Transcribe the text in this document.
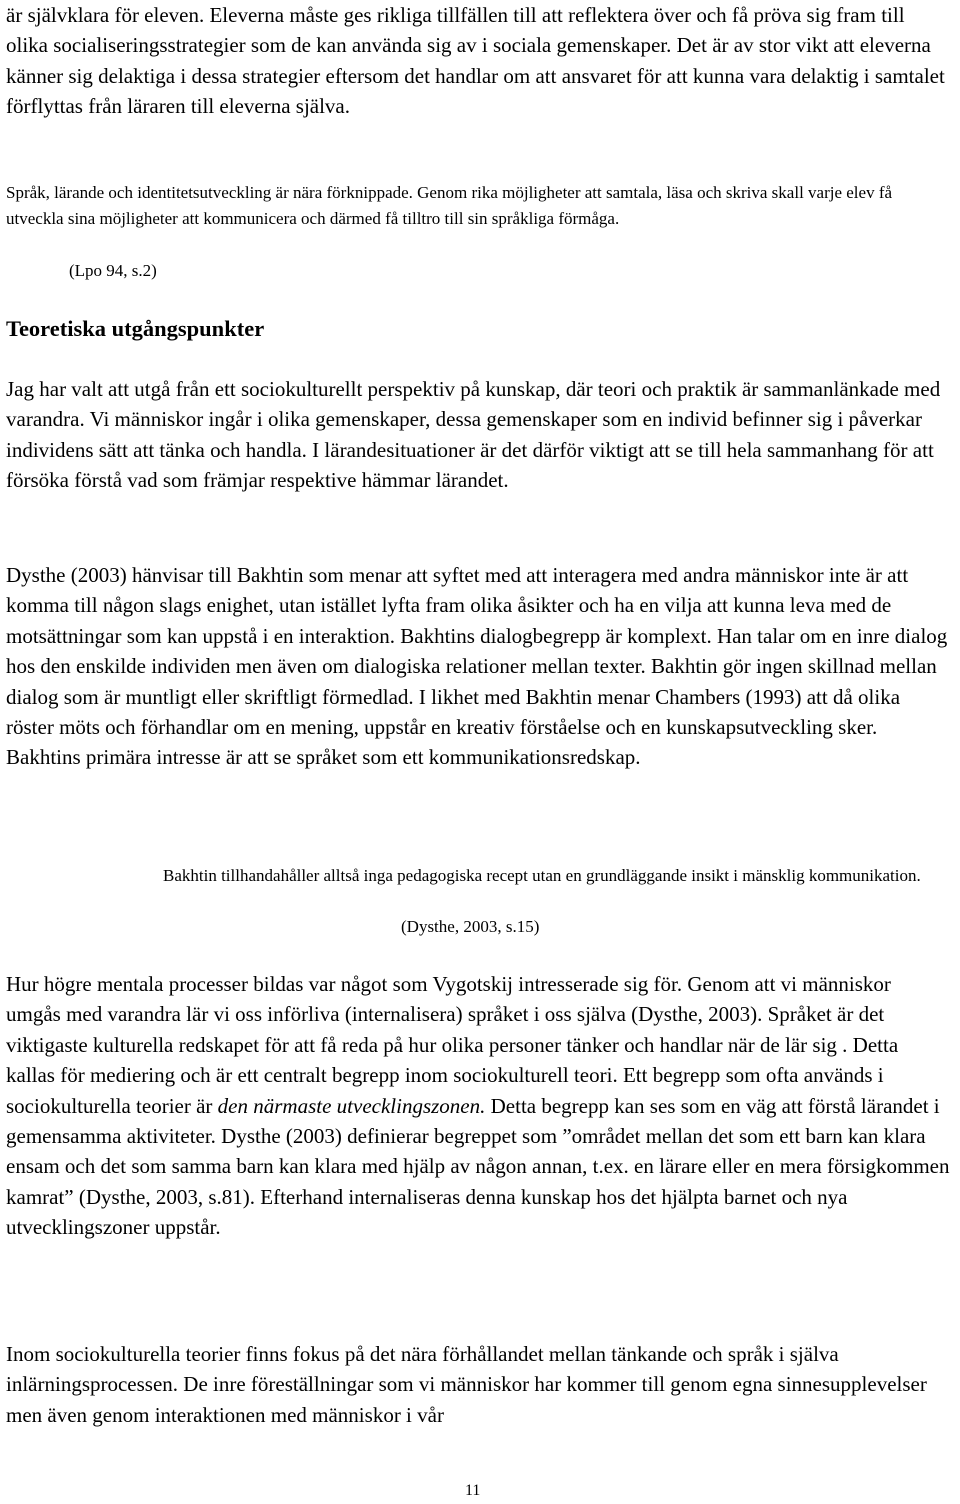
är självklara för eleven. Eleverna måste ges rikliga tillfällen till att reflektera över och få pröva sig fram till olika socialiseringsstrategier som de kan använda sig av i sociala gemenskaper. Det är av stor vikt att eleverna känner sig delaktiga i dessa strategier eftersom det handlar om att ansvaret för att kunna vara delaktig i samtalet förflyttas från läraren till eleverna själva.

Språk, lärande och identitetsutveckling är nära förknippade. Genom rika möjligheter att samtala, läsa och skriva skall varje elev få utveckla sina möjligheter att kommunicera och därmed få tilltro till sin språkliga förmåga.

(Lpo 94, s.2)
Teoretiska utgångspunkter

Jag har valt att utgå från ett sociokulturellt perspektiv på kunskap, där teori och praktik är sammanlänkade med varandra. Vi människor ingår i olika gemenskaper, dessa gemenskaper som en individ befinner sig i påverkar individens sätt att tänka och handla. I lärandesituationer är det därför viktigt att se till hela sammanhang för att försöka förstå vad som främjar respektive hämmar lärandet.

Dysthe (2003) hänvisar till Bakhtin som menar att syftet med att interagera med andra människor inte är att komma till någon slags enighet, utan istället lyfta fram olika åsikter och ha en vilja att kunna leva med de motsättningar som kan uppstå i en interaktion. Bakhtins dialogbegrepp är komplext. Han talar om en inre dialog hos den enskilde individen men även om dialogiska relationer mellan texter. Bakhtin gör ingen skillnad mellan dialog som är muntligt eller skriftligt förmedlad. I likhet med Bakhtin menar Chambers (1993) att då olika röster möts och förhandlar om en mening, uppstår en kreativ förståelse och en kunskapsutveckling sker. Bakhtins primära intresse är att se språket som ett kommunikationsredskap.

Bakhtin tillhandahåller alltså inga pedagogiska recept utan en grundläggande insikt i mänsklig kommunikation.

(Dysthe, 2003, s.15)

Hur högre mentala processer bildas var något som Vygotskij intresserade sig för. Genom att vi människor umgås med varandra lär vi oss införliva (internalisera) språket i oss själva (Dysthe, 2003). Språket är det viktigaste kulturella redskapet för att få reda på hur olika personer tänker och handlar när de lär sig . Detta kallas för mediering och är ett centralt begrepp inom sociokulturell teori. Ett begrepp som ofta används i sociokulturella teorier är den närmaste utvecklingszonen. Detta begrepp kan ses som en väg att förstå lärandet i gemensamma aktiviteter. Dysthe (2003) definierar begreppet som ”området mellan det som ett barn kan klara ensam och det som samma barn kan klara med hjälp av någon annan, t.ex. en lärare eller en mera försigkommen kamrat” (Dysthe, 2003, s.81). Efterhand internaliseras denna kunskap hos det hjälpta barnet och nya utvecklingszoner uppstår.

Inom sociokulturella teorier finns fokus på det nära förhållandet mellan tänkande och språk i själva inlärningsprocessen. De inre föreställningar som vi människor har kommer till genom egna sinnesupplevelser men även genom interaktionen med människor i vår

11
